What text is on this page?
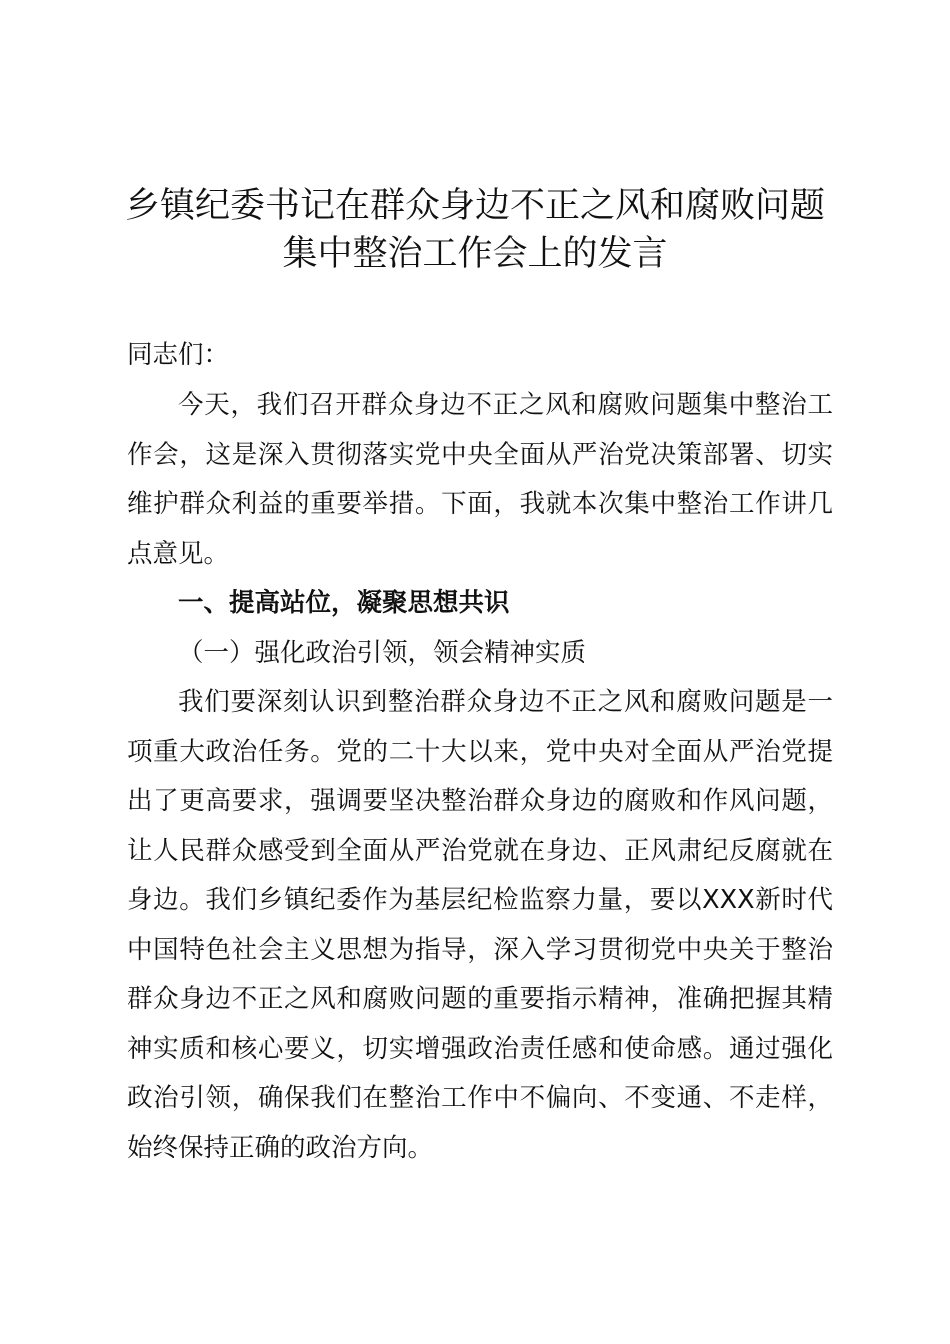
乡镇纪委书记在群众身边不正之风和腐败问题
集中整治工作会上的发言

同志们：

今天，我们召开群众身边不正之风和腐败问题集中整治工作会，这是深入贯彻落实党中央全面从严治党决策部署、切实维护群众利益的重要举措。下面，我就本次集中整治工作讲几点意见。

一、提高站位，凝聚思想共识

（一）强化政治引领，领会精神实质

我们要深刻认识到整治群众身边不正之风和腐败问题是一项重大政治任务。党的二十大以来，党中央对全面从严治党提出了更高要求，强调要坚决整治群众身边的腐败和作风问题，让人民群众感受到全面从严治党就在身边、正风肃纪反腐就在身边。我们乡镇纪委作为基层纪检监察力量，要以XXX新时代中国特色社会主义思想为指导，深入学习贯彻党中央关于整治群众身边不正之风和腐败问题的重要指示精神，准确把握其精神实质和核心要义，切实增强政治责任感和使命感。通过强化政治引领，确保我们在整治工作中不偏向、不变通、不走样，始终保持正确的政治方向。
